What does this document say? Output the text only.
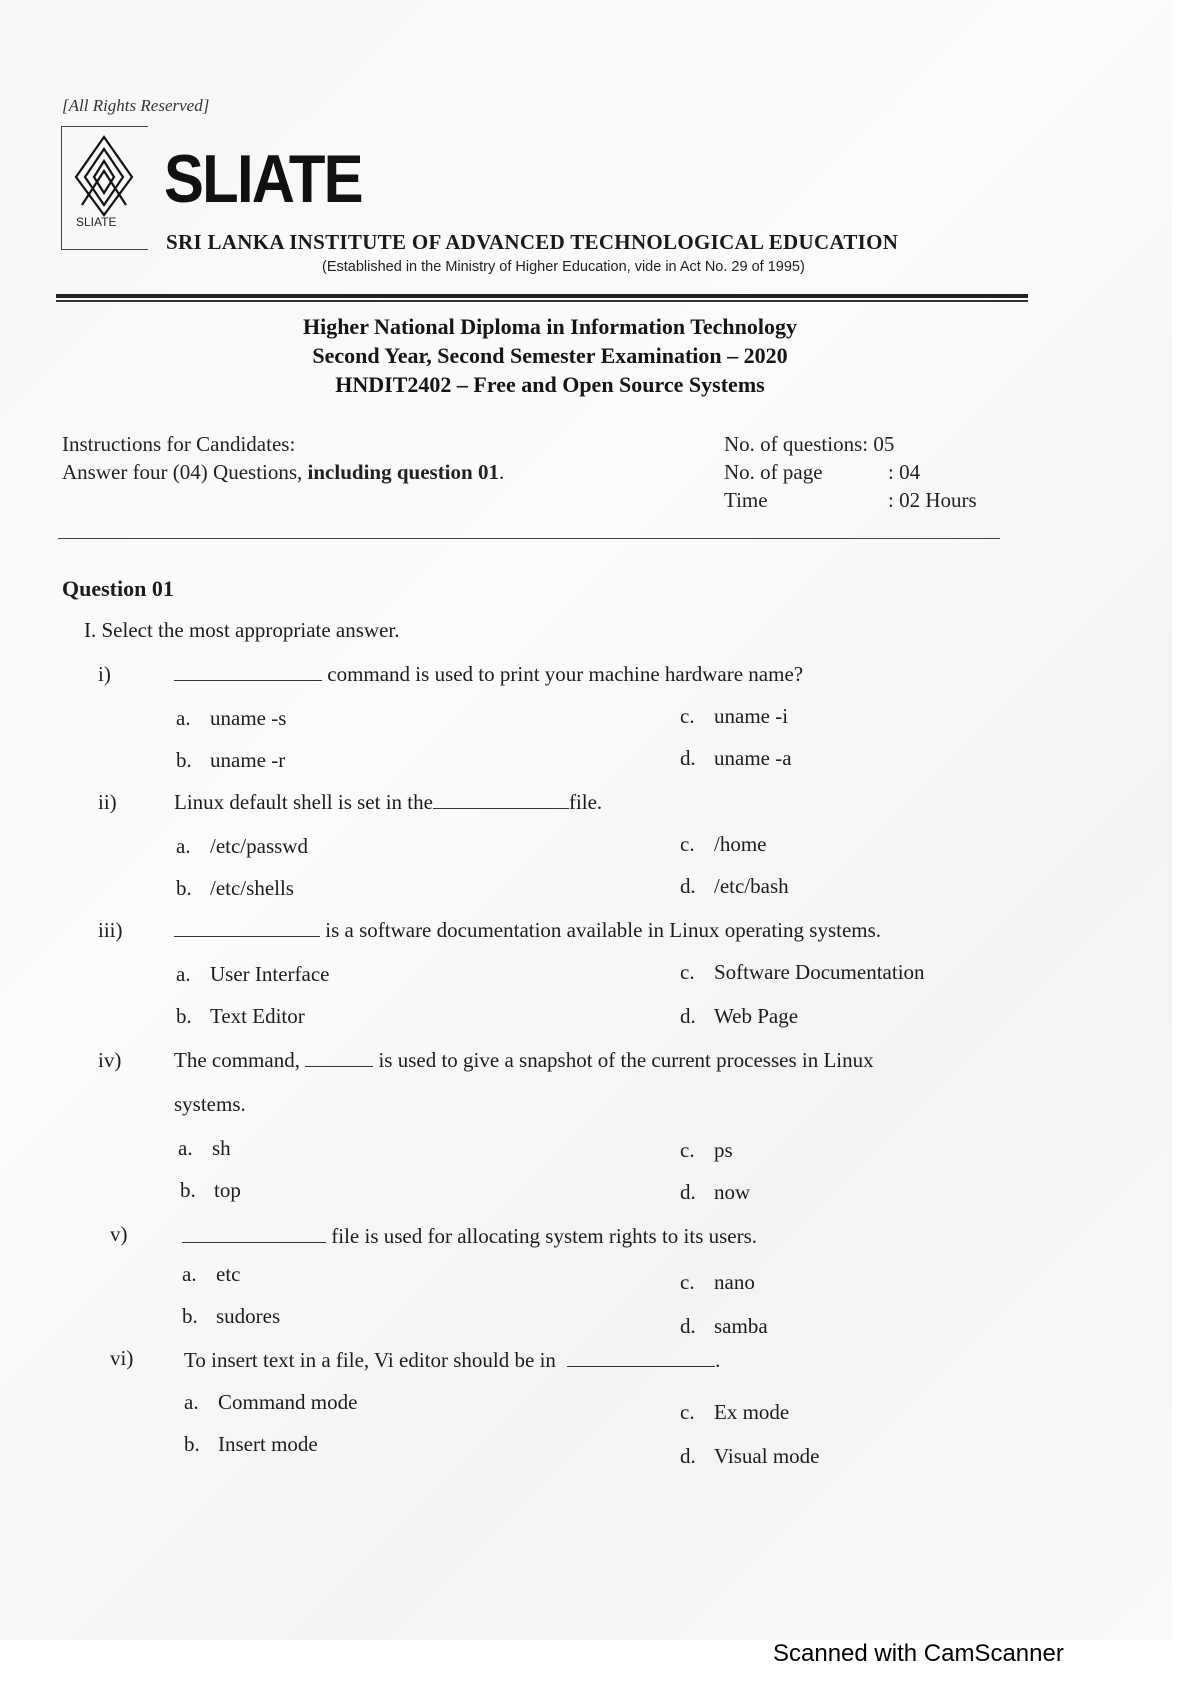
[All Rights Reserved]
SLIATE
SLIATE
SRI LANKA INSTITUTE OF ADVANCED TECHNOLOGICAL EDUCATION
(Established in the Ministry of Higher Education, vide in Act No. 29 of 1995)
Higher National Diploma in Information Technology
Second Year, Second Semester Examination – 2020
HNDIT2402 – Free and Open Source Systems
Instructions for Candidates:
Answer four (04) Questions, including question 01.
No. of questions: 05
No. of page	: 04
Time	: 02 Hours
Question 01
I. Select the most appropriate answer.
i)	command is used to print your machine hardware name?
a. uname -s	c. uname -i
b. uname -r	d. uname -a
ii)	Linux default shell is set in the	file.
a. /etc/passwd	c. /home
b. /etc/shells	d. /etc/bash
iii)	is a software documentation available in Linux operating systems.
a. User Interface	c. Software Documentation
b. Text Editor	d. Web Page
iv)	The command,	is used to give a snapshot of the current processes in Linux
systems.
a. sh	c. ps
b. top	d. now
v)	file is used for allocating system rights to its users.
a. etc	c. nano
b. sudores	d. samba
vi) To insert text in a file, Vi editor should be in	.
a. Command mode	c. Ex mode
b. Insert mode	d. Visual mode
Scanned with CamScanner
